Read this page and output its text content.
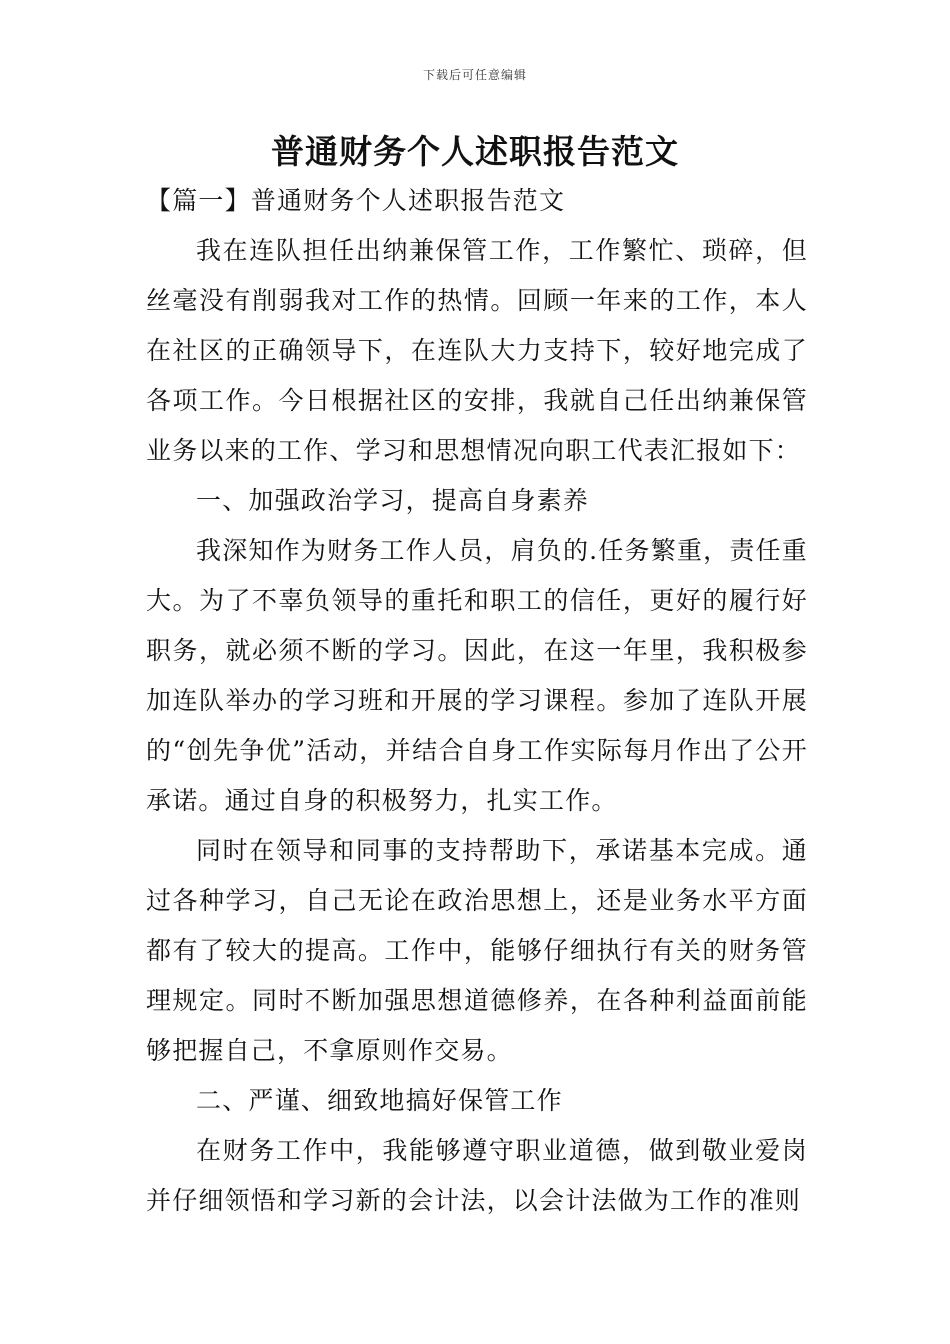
下载后可任意编辑
普通财务个人述职报告范文

【篇一】普通财务个人述职报告范文

我在连队担任出纳兼保管工作，工作繁忙、琐碎，但丝毫没有削弱我对工作的热情。回顾一年来的工作，本人在社区的正确领导下，在连队大力支持下，较好地完成了各项工作。今日根据社区的安排，我就自己任出纳兼保管业务以来的工作、学习和思想情况向职工代表汇报如下：

一、加强政治学习，提高自身素养

我深知作为财务工作人员，肩负的.任务繁重，责任重大。为了不辜负领导的重托和职工的信任，更好的履行好职务，就必须不断的学习。因此，在这一年里，我积极参加连队举办的学习班和开展的学习课程。参加了连队开展的“创先争优”活动，并结合自身工作实际每月作出了公开承诺。通过自身的积极努力，扎实工作。

同时在领导和同事的支持帮助下，承诺基本完成。通过各种学习，自己无论在政治思想上，还是业务水平方面都有了较大的提高。工作中，能够仔细执行有关的财务管理规定。同时不断加强思想道德修养，在各种利益面前能够把握自己，不拿原则作交易。

二、严谨、细致地搞好保管工作

在财务工作中，我能够遵守职业道德，做到敬业爱岗并仔细领悟和学习新的会计法，以会计法做为工作的准则
